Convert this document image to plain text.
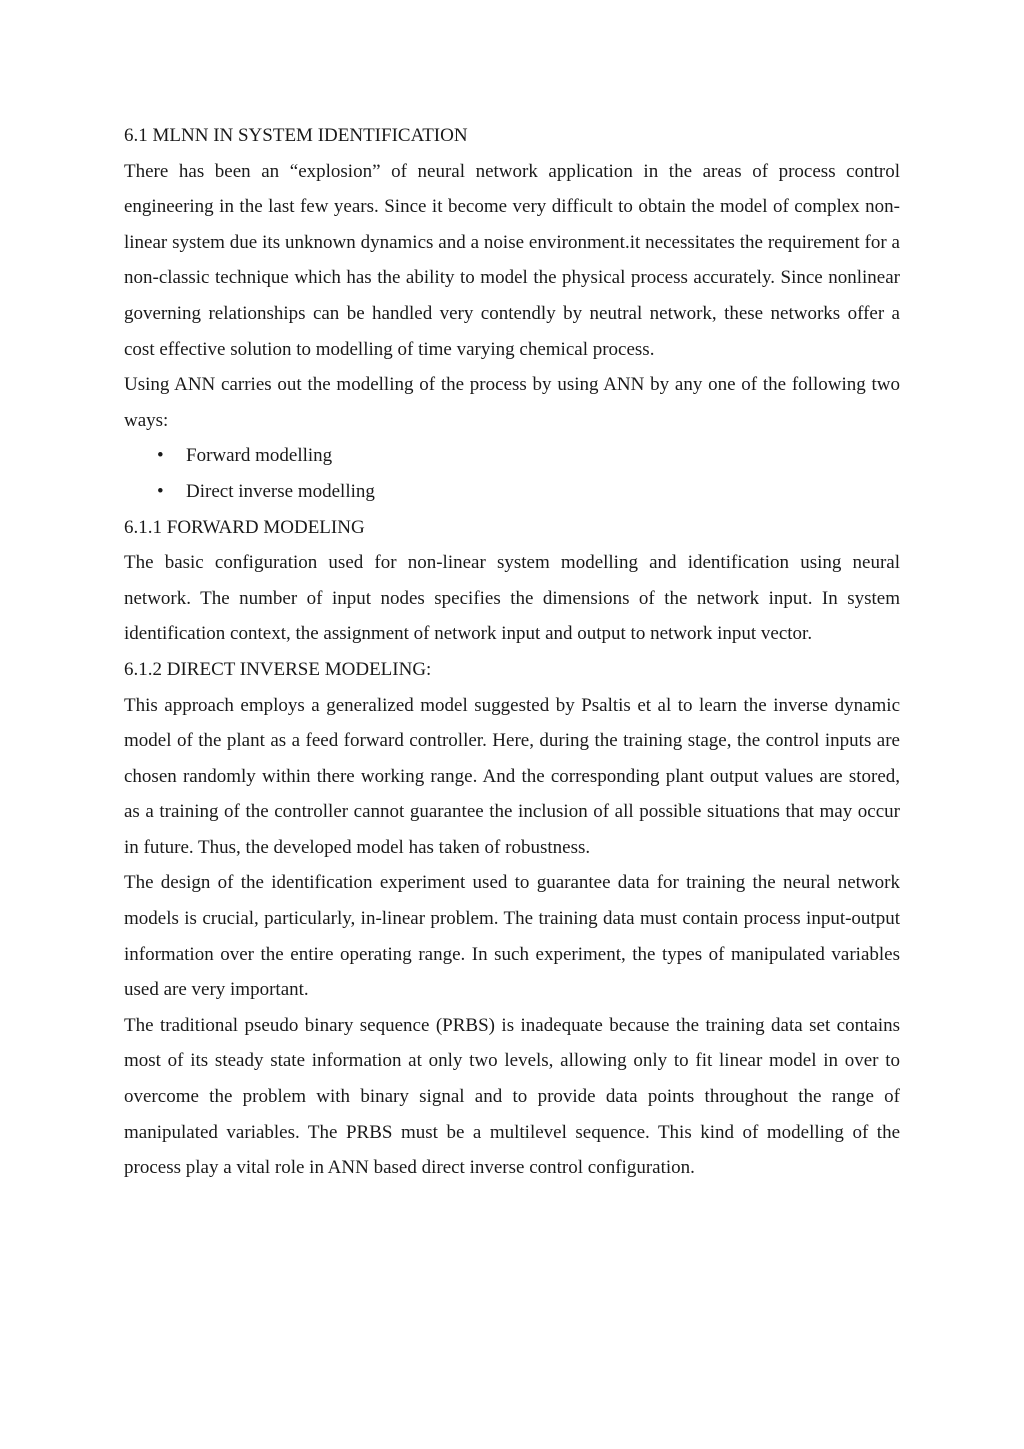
6.1 MLNN IN SYSTEM IDENTIFICATION

There has been an “explosion” of neural network application in the areas of process control engineering in the last few years. Since it become very difficult to obtain the model of complex non-linear system due its unknown dynamics and a noise environment.it necessitates the requirement for a non-classic technique which has the ability to model the physical process accurately. Since nonlinear governing relationships can be handled very contendly by neutral network, these networks offer a cost effective solution to modelling of time varying chemical process.

Using ANN carries out the modelling of the process by using ANN by any one of the following two ways:

• Forward modelling
• Direct inverse modelling
6.1.1 FORWARD MODELING

The basic configuration used for non-linear system modelling and identification using neural network. The number of input nodes specifies the dimensions of the network input. In system identification context, the assignment of network input and output to network input vector.

6.1.2 DIRECT INVERSE MODELING:

This approach employs a generalized model suggested by Psaltis et al to learn the inverse dynamic model of the plant as a feed forward controller. Here, during the training stage, the control inputs are chosen randomly within there working range. And the corresponding plant output values are stored, as a training of the controller cannot guarantee the inclusion of all possible situations that may occur in future. Thus, the developed model has taken of robustness.

The design of the identification experiment used to guarantee data for training the neural network models is crucial, particularly, in-linear problem. The training data must contain process input-output information over the entire operating range. In such experiment, the types of manipulated variables used are very important.

The traditional pseudo binary sequence (PRBS) is inadequate because the training data set contains most of its steady state information at only two levels, allowing only to fit linear model in over to overcome the problem with binary signal and to provide data points throughout the range of manipulated variables. The PRBS must be a multilevel sequence. This kind of modelling of the process play a vital role in ANN based direct inverse control configuration.
